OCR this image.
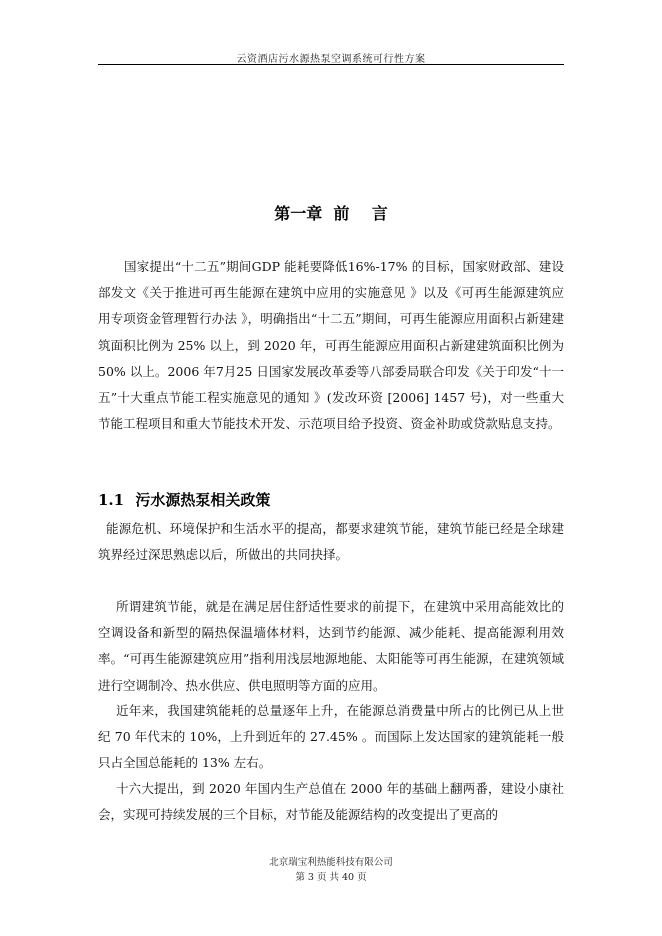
云资酒店污水源热泵空调系统可行性方案
第一章  前    言

国家提出“十二五”期间GDP 能耗要降低16%-17% 的目标，国家财政部、建设部发文《关于推进可再生能源在建筑中应用的实施意见 》以及《可再生能源建筑应用专项资金管理暂行办法 》，明确指出“十二五”期间，可再生能源应用面积占新建建筑面积比例为 25% 以上，到 2020 年，可再生能源应用面积占新建建筑面积比例为 50% 以上。2006 年7月25 日国家发展改革委等八部委局联合印发《关于印发“十一五”十大重点节能工程实施意见的通知 》(发改环资 [2006] 1457 号)，对一些重大节能工程项目和重大节能技术开发、示范项目给予投资、资金补助或贷款贴息支持。

1.1 污水源热泵相关政策

能源危机、环境保护和生活水平的提高，都要求建筑节能，建筑节能已经是全球建筑界经过深思熟虑以后，所做出的共同抉择。

所谓建筑节能，就是在满足居住舒适性要求的前提下，在建筑中采用高能效比的空调设备和新型的隔热保温墙体材料，达到节约能源、减少能耗、提高能源利用效率。“可再生能源建筑应用”指利用浅层地源地能、太阳能等可再生能源，在建筑领域进行空调制冷、热水供应、供电照明等方面的应用。

近年来，我国建筑能耗的总量逐年上升，在能源总消费量中所占的比例已从上世纪 70 年代末的 10%，上升到近年的 27.45% 。而国际上发达国家的建筑能耗一般只占全国总能耗的 13% 左右。

十六大提出，到 2020 年国内生产总值在 2000 年的基础上翻两番，建设小康社会，实现可持续发展的三个目标，对节能及能源结构的改变提出了更高的

北京瑞宝利热能科技有限公司
第 3 页 共 40 页
